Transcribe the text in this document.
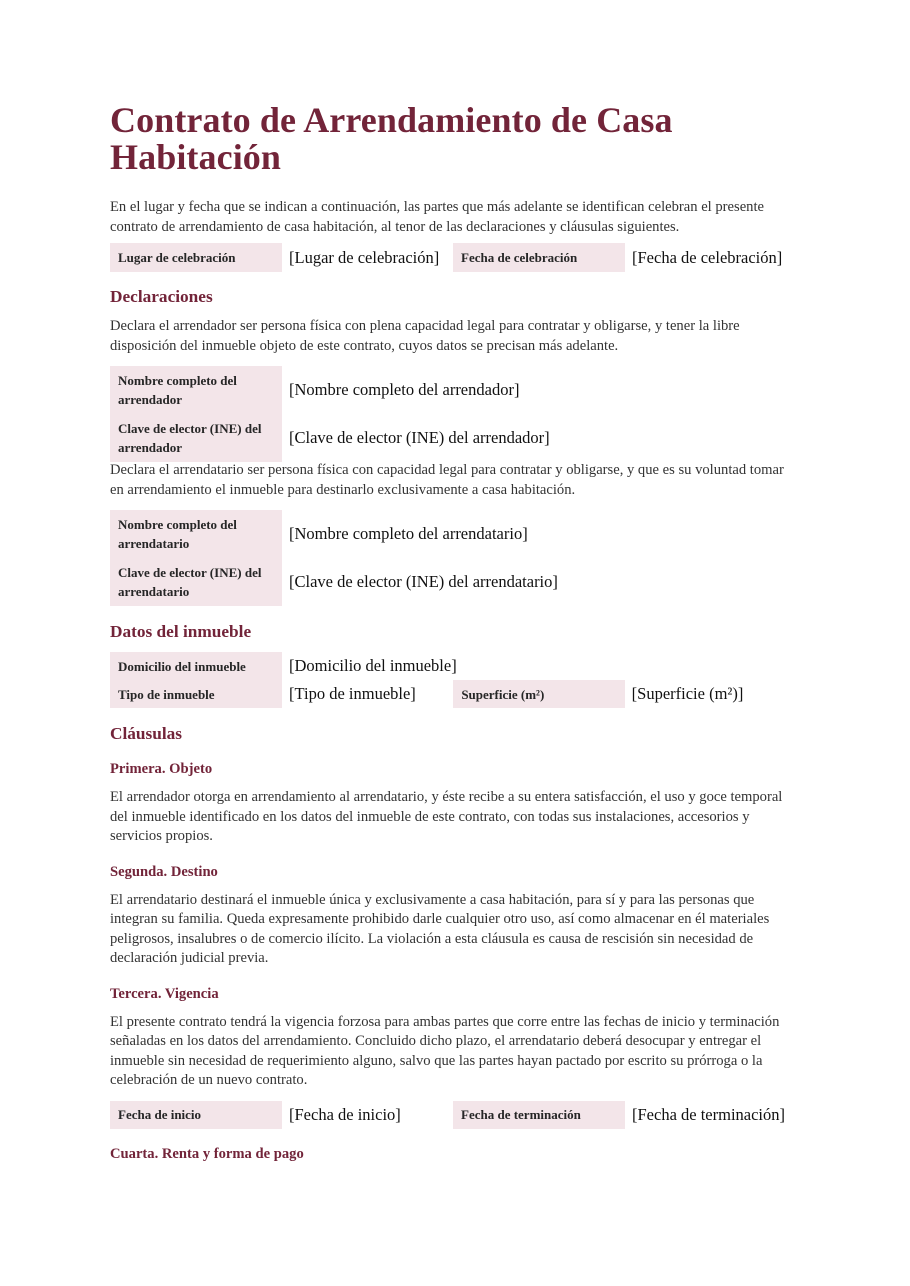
Contrato de Arrendamiento de Casa Habitación

En el lugar y fecha que se indican a continuación, las partes que más adelante se identifican celebran el presente contrato de arrendamiento de casa habitación, al tenor de las declaraciones y cláusulas siguientes.

Lugar de celebración	[Lugar de celebración]	Fecha de celebración	[Fecha de celebración]
Declaraciones

Declara el arrendador ser persona física con plena capacidad legal para contratar y obligarse, y tener la libre disposición del inmueble objeto de este contrato, cuyos datos se precisan más adelante.

Nombre completo del arrendador	[Nombre completo del arrendador]
Clave de elector (INE) del arrendador	[Clave de elector (INE) del arrendador]

Declara el arrendatario ser persona física con capacidad legal para contratar y obligarse, y que es su voluntad tomar en arrendamiento el inmueble para destinarlo exclusivamente a casa habitación.

Nombre completo del arrendatario	[Nombre completo del arrendatario]
Clave de elector (INE) del arrendatario	[Clave de elector (INE) del arrendatario]
Datos del inmueble
Domicilio del inmueble	[Domicilio del inmueble]		
Tipo de inmueble	[Tipo de inmueble]	Superficie (m²)	[Superficie (m²)]
Cláusulas
Primera. Objeto

El arrendador otorga en arrendamiento al arrendatario, y éste recibe a su entera satisfacción, el uso y goce temporal del inmueble identificado en los datos del inmueble de este contrato, con todas sus instalaciones, accesorios y servicios propios.

Segunda. Destino

El arrendatario destinará el inmueble única y exclusivamente a casa habitación, para sí y para las personas que integran su familia. Queda expresamente prohibido darle cualquier otro uso, así como almacenar en él materiales peligrosos, insalubres o de comercio ilícito. La violación a esta cláusula es causa de rescisión sin necesidad de declaración judicial previa.

Tercera. Vigencia

El presente contrato tendrá la vigencia forzosa para ambas partes que corre entre las fechas de inicio y terminación señaladas en los datos del arrendamiento. Concluido dicho plazo, el arrendatario deberá desocupar y entregar el inmueble sin necesidad de requerimiento alguno, salvo que las partes hayan pactado por escrito su prórroga o la celebración de un nuevo contrato.

Fecha de inicio	[Fecha de inicio]	Fecha de terminación	[Fecha de terminación]
Cuarta. Renta y forma de pago
